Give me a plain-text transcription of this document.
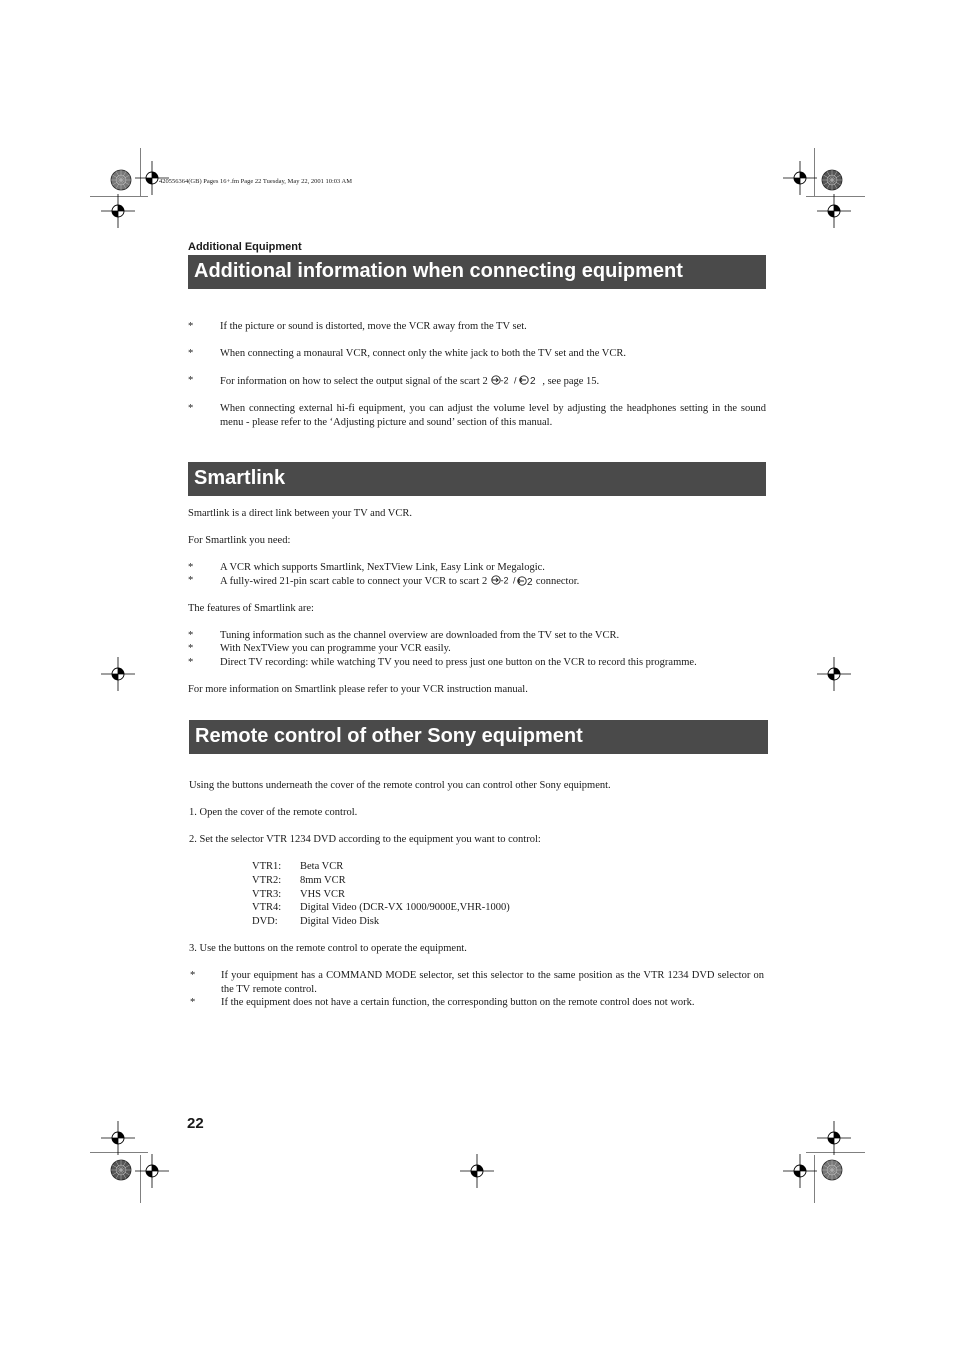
420556364(GB) Pages 16+.fm Page 22 Tuesday, May 22, 2001 10:03 AM
Additional Equipment
Additional information when connecting equipment
*	If the picture or sound is distorted, move the VCR away from the TV set.
*	When connecting a monaural VCR, connect only the white jack to both the TV set and the VCR.
*	For information on how to select the output signal of the scart 2 -2 / 2 , see page 15.
*	When connecting external hi-fi equipment, you can adjust the volume level by adjusting the headphones setting in the sound menu - please refer to the ‘Adjusting picture and sound’ section of this manual.
Smartlink
Smartlink is a direct link between your TV and VCR.
For Smartlink you need:
*	A VCR which supports Smartlink, NexTView Link, Easy Link or Megalogic.
*	A fully-wired 21-pin scart cable to connect your VCR to scart 2 -2 / 2 connector.
The features of Smartlink are:
*	Tuning information such as the channel overview are downloaded from the TV set to the VCR.
*	With NexTView you can programme your VCR easily.
*	Direct TV recording: while watching TV you need to press just one button on the VCR to record this programme.
For more information on Smartlink please refer to your VCR instruction manual.
Remote control of other Sony equipment
Using the buttons underneath the cover of the remote control you can control other Sony equipment.
1. Open the cover of the remote control.
2. Set the selector VTR 1234 DVD according to the equipment you want to control:
VTR1: Beta VCR
VTR2: 8mm VCR
VTR3: VHS VCR
VTR4: Digital Video (DCR-VX 1000/9000E,VHR-1000)
DVD: Digital Video Disk
3. Use the buttons on the remote control to operate the equipment.
* If your equipment has a COMMAND MODE selector, set this selector to the same position as the VTR 1234 DVD selector on the TV remote control.
* If the equipment does not have a certain function, the corresponding button on the remote control does not work.
22
